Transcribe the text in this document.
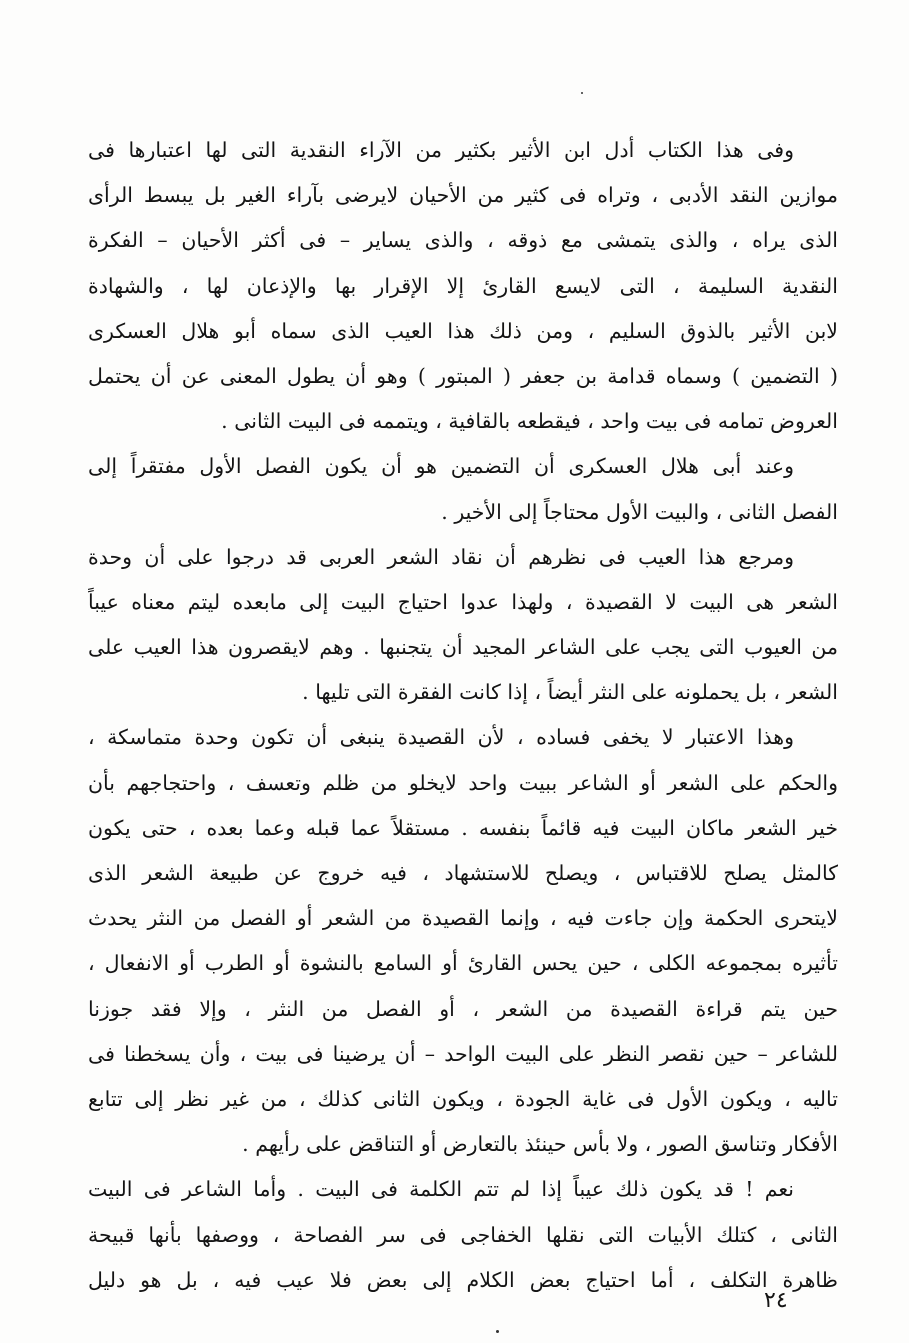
وفى هذا الكتاب أدل ابن الأثير بكثير من الآراء النقدية التى لها اعتبارها فى
موازين النقد الأدبى ، وتراه فى كثير من الأحيان لايرضى بآراء الغير بل يبسط الرأى
الذى يراه ، والذى يتمشى مع ذوقه ، والذى يساير – فى أكثر الأحيان – الفكرة
النقدية السليمة ، التى لايسع القارئ إلا الإقرار بها والإذعان لها ، والشهادة
لابن الأثير بالذوق السليم ، ومن ذلك هذا العيب الذى سماه أبو هلال العسكرى
( التضمين ) وسماه قدامة بن جعفر ( المبتور ) وهو أن يطول المعنى عن أن يحتمل
العروض تمامه فى بيت واحد ، فيقطعه بالقافية ، ويتممه فى البيت الثانى .
وعند أبى هلال العسكرى أن التضمين هو أن يكون الفصل الأول مفتقراً إلى
الفصل الثانى ، والبيت الأول محتاجاً إلى الأخير .
ومرجع هذا العيب فى نظرهم أن نقاد الشعر العربى قد درجوا على أن وحدة
الشعر هى البيت لا القصيدة ، ولهذا عدوا احتياج البيت إلى مابعده ليتم معناه عيباً
من العيوب التى يجب على الشاعر المجيد أن يتجنبها . وهم لايقصرون هذا العيب على
الشعر ، بل يحملونه على النثر أيضاً ، إذا كانت الفقرة التى تليها .
وهذا الاعتبار لا يخفى فساده ، لأن القصيدة ينبغى أن تكون وحدة متماسكة ،
والحكم على الشعر أو الشاعر ببيت واحد لايخلو من ظلم وتعسف ، واحتجاجهم بأن
خير الشعر ماكان البيت فيه قائماً بنفسه . مستقلاً عما قبله وعما بعده ، حتى يكون
كالمثل يصلح للاقتباس ، ويصلح للاستشهاد ، فيه خروج عن طبيعة الشعر الذى
لايتحرى الحكمة وإن جاءت فيه ، وإنما القصيدة من الشعر أو الفصل من النثر يحدث
تأثيره بمجموعه الكلى ، حين يحس القارئ أو السامع بالنشوة أو الطرب أو الانفعال ،
حين يتم قراءة القصيدة من الشعر ، أو الفصل من النثر ، وإلا فقد جوزنا
للشاعر – حين نقصر النظر على البيت الواحد – أن يرضينا فى بيت ، وأن يسخطنا فى
تاليه ، ويكون الأول فى غاية الجودة ، ويكون الثانى كذلك ، من غير نظر إلى تتابع
الأفكار وتناسق الصور ، ولا بأس حينئذ بالتعارض أو التناقض على رأيهم .
نعم ! قد يكون ذلك عيباً إذا لم تتم الكلمة فى البيت . وأما الشاعر فى البيت
الثانى ، كتلك الأبيات التى نقلها الخفاجى فى سر الفصاحة ، ووصفها بأنها قبيحة
ظاهرة التكلف ، أما احتياج بعض الكلام إلى بعض فلا عيب فيه ، بل هو دليل
٢٤
